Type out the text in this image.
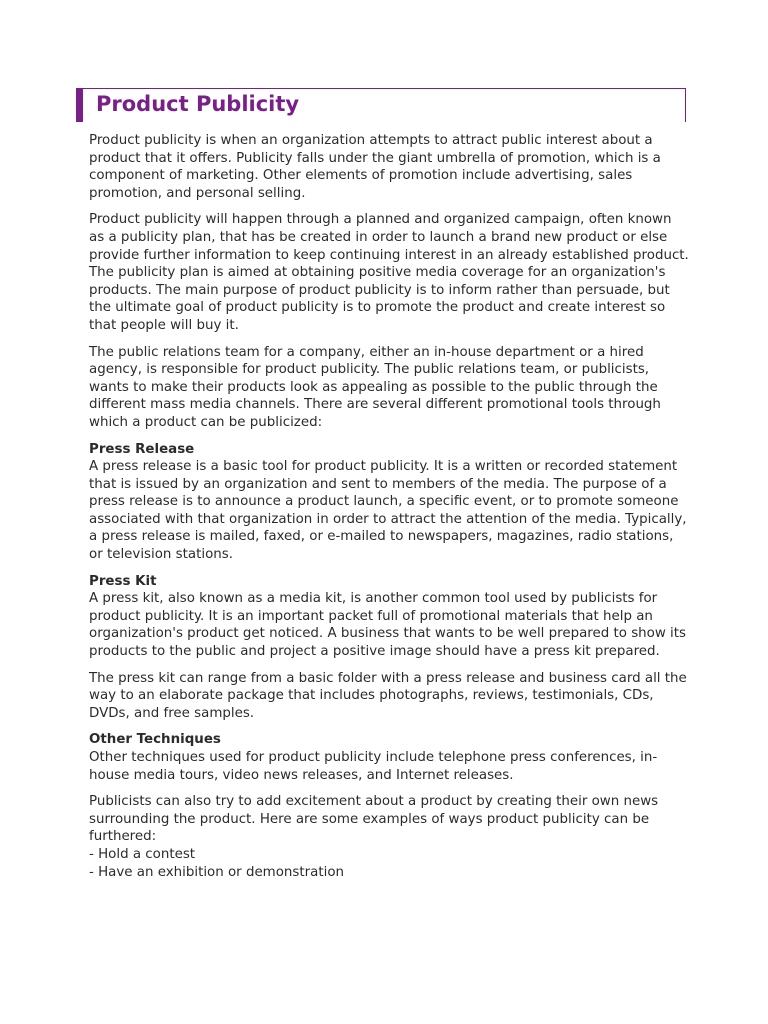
Product Publicity

Product publicity is when an organization attempts to attract public interest about a product that it offers. Publicity falls under the giant umbrella of promotion, which is a component of marketing. Other elements of promotion include advertising, sales promotion, and personal selling.

Product publicity will happen through a planned and organized campaign, often known as a publicity plan, that has be created in order to launch a brand new product or else provide further information to keep continuing interest in an already established product. The publicity plan is aimed at obtaining positive media coverage for an organization's products. The main purpose of product publicity is to inform rather than persuade, but the ultimate goal of product publicity is to promote the product and create interest so that people will buy it.

The public relations team for a company, either an in-house department or a hired agency, is responsible for product publicity. The public relations team, or publicists, wants to make their products look as appealing as possible to the public through the different mass media channels. There are several different promotional tools through which a product can be publicized:

Press Release

A press release is a basic tool for product publicity. It is a written or recorded statement that is issued by an organization and sent to members of the media. The purpose of a press release is to announce a product launch, a specific event, or to promote someone associated with that organization in order to attract the attention of the media. Typically, a press release is mailed, faxed, or e-mailed to newspapers, magazines, radio stations, or television stations.

Press Kit

A press kit, also known as a media kit, is another common tool used by publicists for product publicity. It is an important packet full of promotional materials that help an organization's product get noticed. A business that wants to be well prepared to show its products to the public and project a positive image should have a press kit prepared.

The press kit can range from a basic folder with a press release and business card all the way to an elaborate package that includes photographs, reviews, testimonials, CDs, DVDs, and free samples.

Other Techniques

Other techniques used for product publicity include telephone press conferences, in-house media tours, video news releases, and Internet releases.

Publicists can also try to add excitement about a product by creating their own news surrounding the product. Here are some examples of ways product publicity can be furthered:

- Hold a contest
- Have an exhibition or demonstration
